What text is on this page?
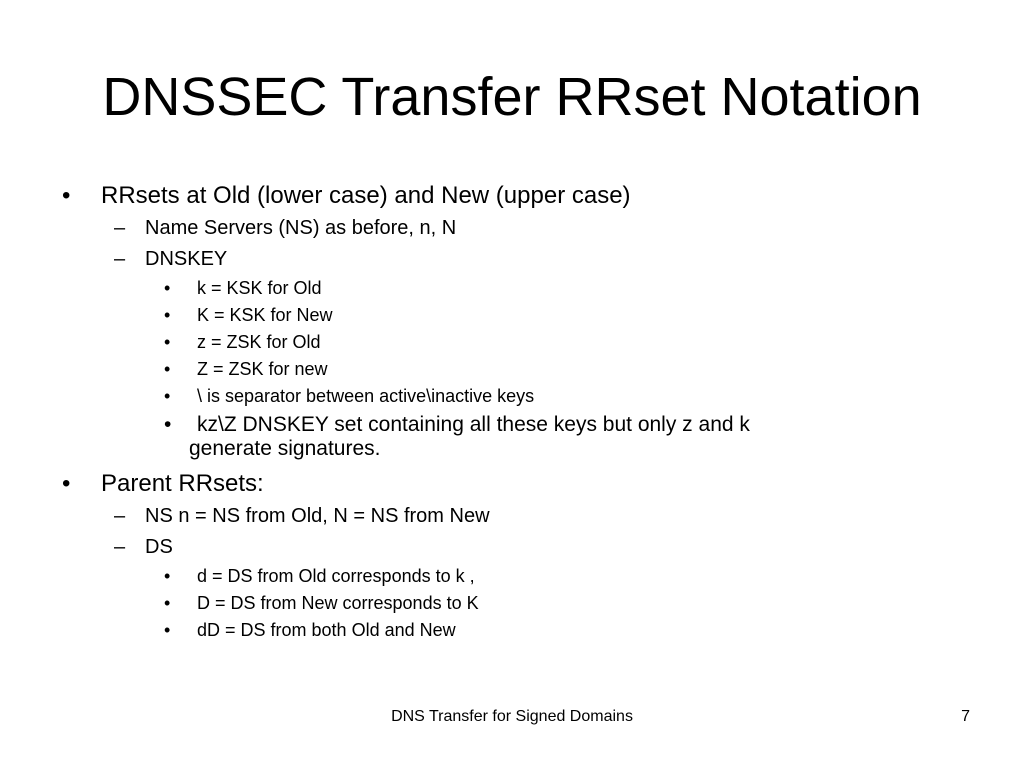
DNSSEC Transfer RRset Notation
• RRsets at Old (lower case) and New (upper case)
– Name Servers (NS) as before, n, N
– DNSKEY
• k = KSK for Old
• K = KSK for New
• z = ZSK for Old
• Z = ZSK for new
• \ is separator between active\inactive keys
• kz\Z DNSKEY set containing all these keys but only z and k
generate signatures.
• Parent RRsets:
– NS n = NS from Old, N = NS from New
– DS
• d = DS from Old corresponds to k ,
• D = DS from New corresponds to K
• dD = DS from both Old and New
DNS Transfer for Signed Domains	7
